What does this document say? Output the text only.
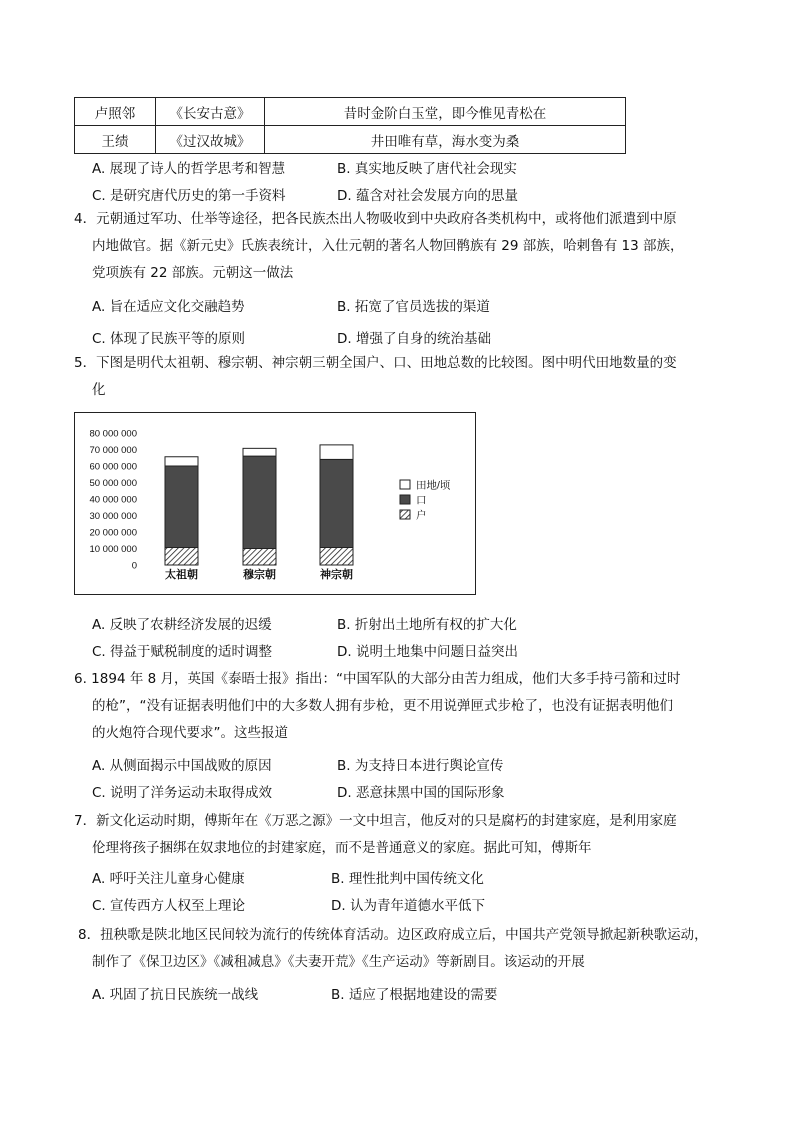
卢照邻	《长安古意》	昔时金阶白玉堂，即今惟见青松在
王绩	《过汉故城》	井田唯有草，海水变为桑
A. 展现了诗人的哲学思考和智慧	B. 真实地反映了唐代社会现实
C. 是研究唐代历史的第一手资料	D. 蕴含对社会发展方向的思量
4．元朝通过军功、仕举等途径，把各民族杰出人物吸收到中央政府各类机构中，或将他们派遣到中原
内地做官。据《新元史》氏族表统计，入仕元朝的著名人物回鹘族有 29 部族，哈剌鲁有 13 部族，
党项族有 22 部族。元朝这一做法
A. 旨在适应文化交融趋势	B. 拓宽了官员选拔的渠道
C. 体现了民族平等的原则	D. 增强了自身的统治基础
5．下图是明代太祖朝、穆宗朝、神宗朝三朝全国户、口、田地总数的比较图。图中明代田地数量的变
化
80 000 000
70 000 000
60 000 000
50 000 000
40 000 000
30 000 000
20 000 000
10 000 000
0
太祖朝	穆宗朝	神宗朝
田地/顷
口
户
A. 反映了农耕经济发展的迟缓	B. 折射出土地所有权的扩大化
C. 得益于赋税制度的适时调整	D. 说明土地集中问题日益突出
6. 1894 年 8 月，英国《泰晤士报》指出：“中国军队的大部分由苦力组成，他们大多手持弓箭和过时
的枪”，“没有证据表明他们中的大多数人拥有步枪，更不用说弹匣式步枪了，也没有证据表明他们
的火炮符合现代要求”。这些报道
A. 从侧面揭示中国战败的原因	B. 为支持日本进行舆论宣传
C. 说明了洋务运动未取得成效	D. 恶意抹黑中国的国际形象
7．新文化运动时期，傅斯年在《万恶之源》一文中坦言，他反对的只是腐朽的封建家庭，是利用家庭
伦理将孩子捆绑在奴隶地位的封建家庭，而不是普通意义的家庭。据此可知，傅斯年
A. 呼吁关注儿童身心健康	B. 理性批判中国传统文化
C. 宣传西方人权至上理论	D. 认为青年道德水平低下
8．扭秧歌是陕北地区民间较为流行的传统体育活动。边区政府成立后，中国共产党领导掀起新秧歌运动，
制作了《保卫边区》《减租减息》《夫妻开荒》《生产运动》等新剧目。该运动的开展
A. 巩固了抗日民族统一战线	B. 适应了根据地建设的需要
